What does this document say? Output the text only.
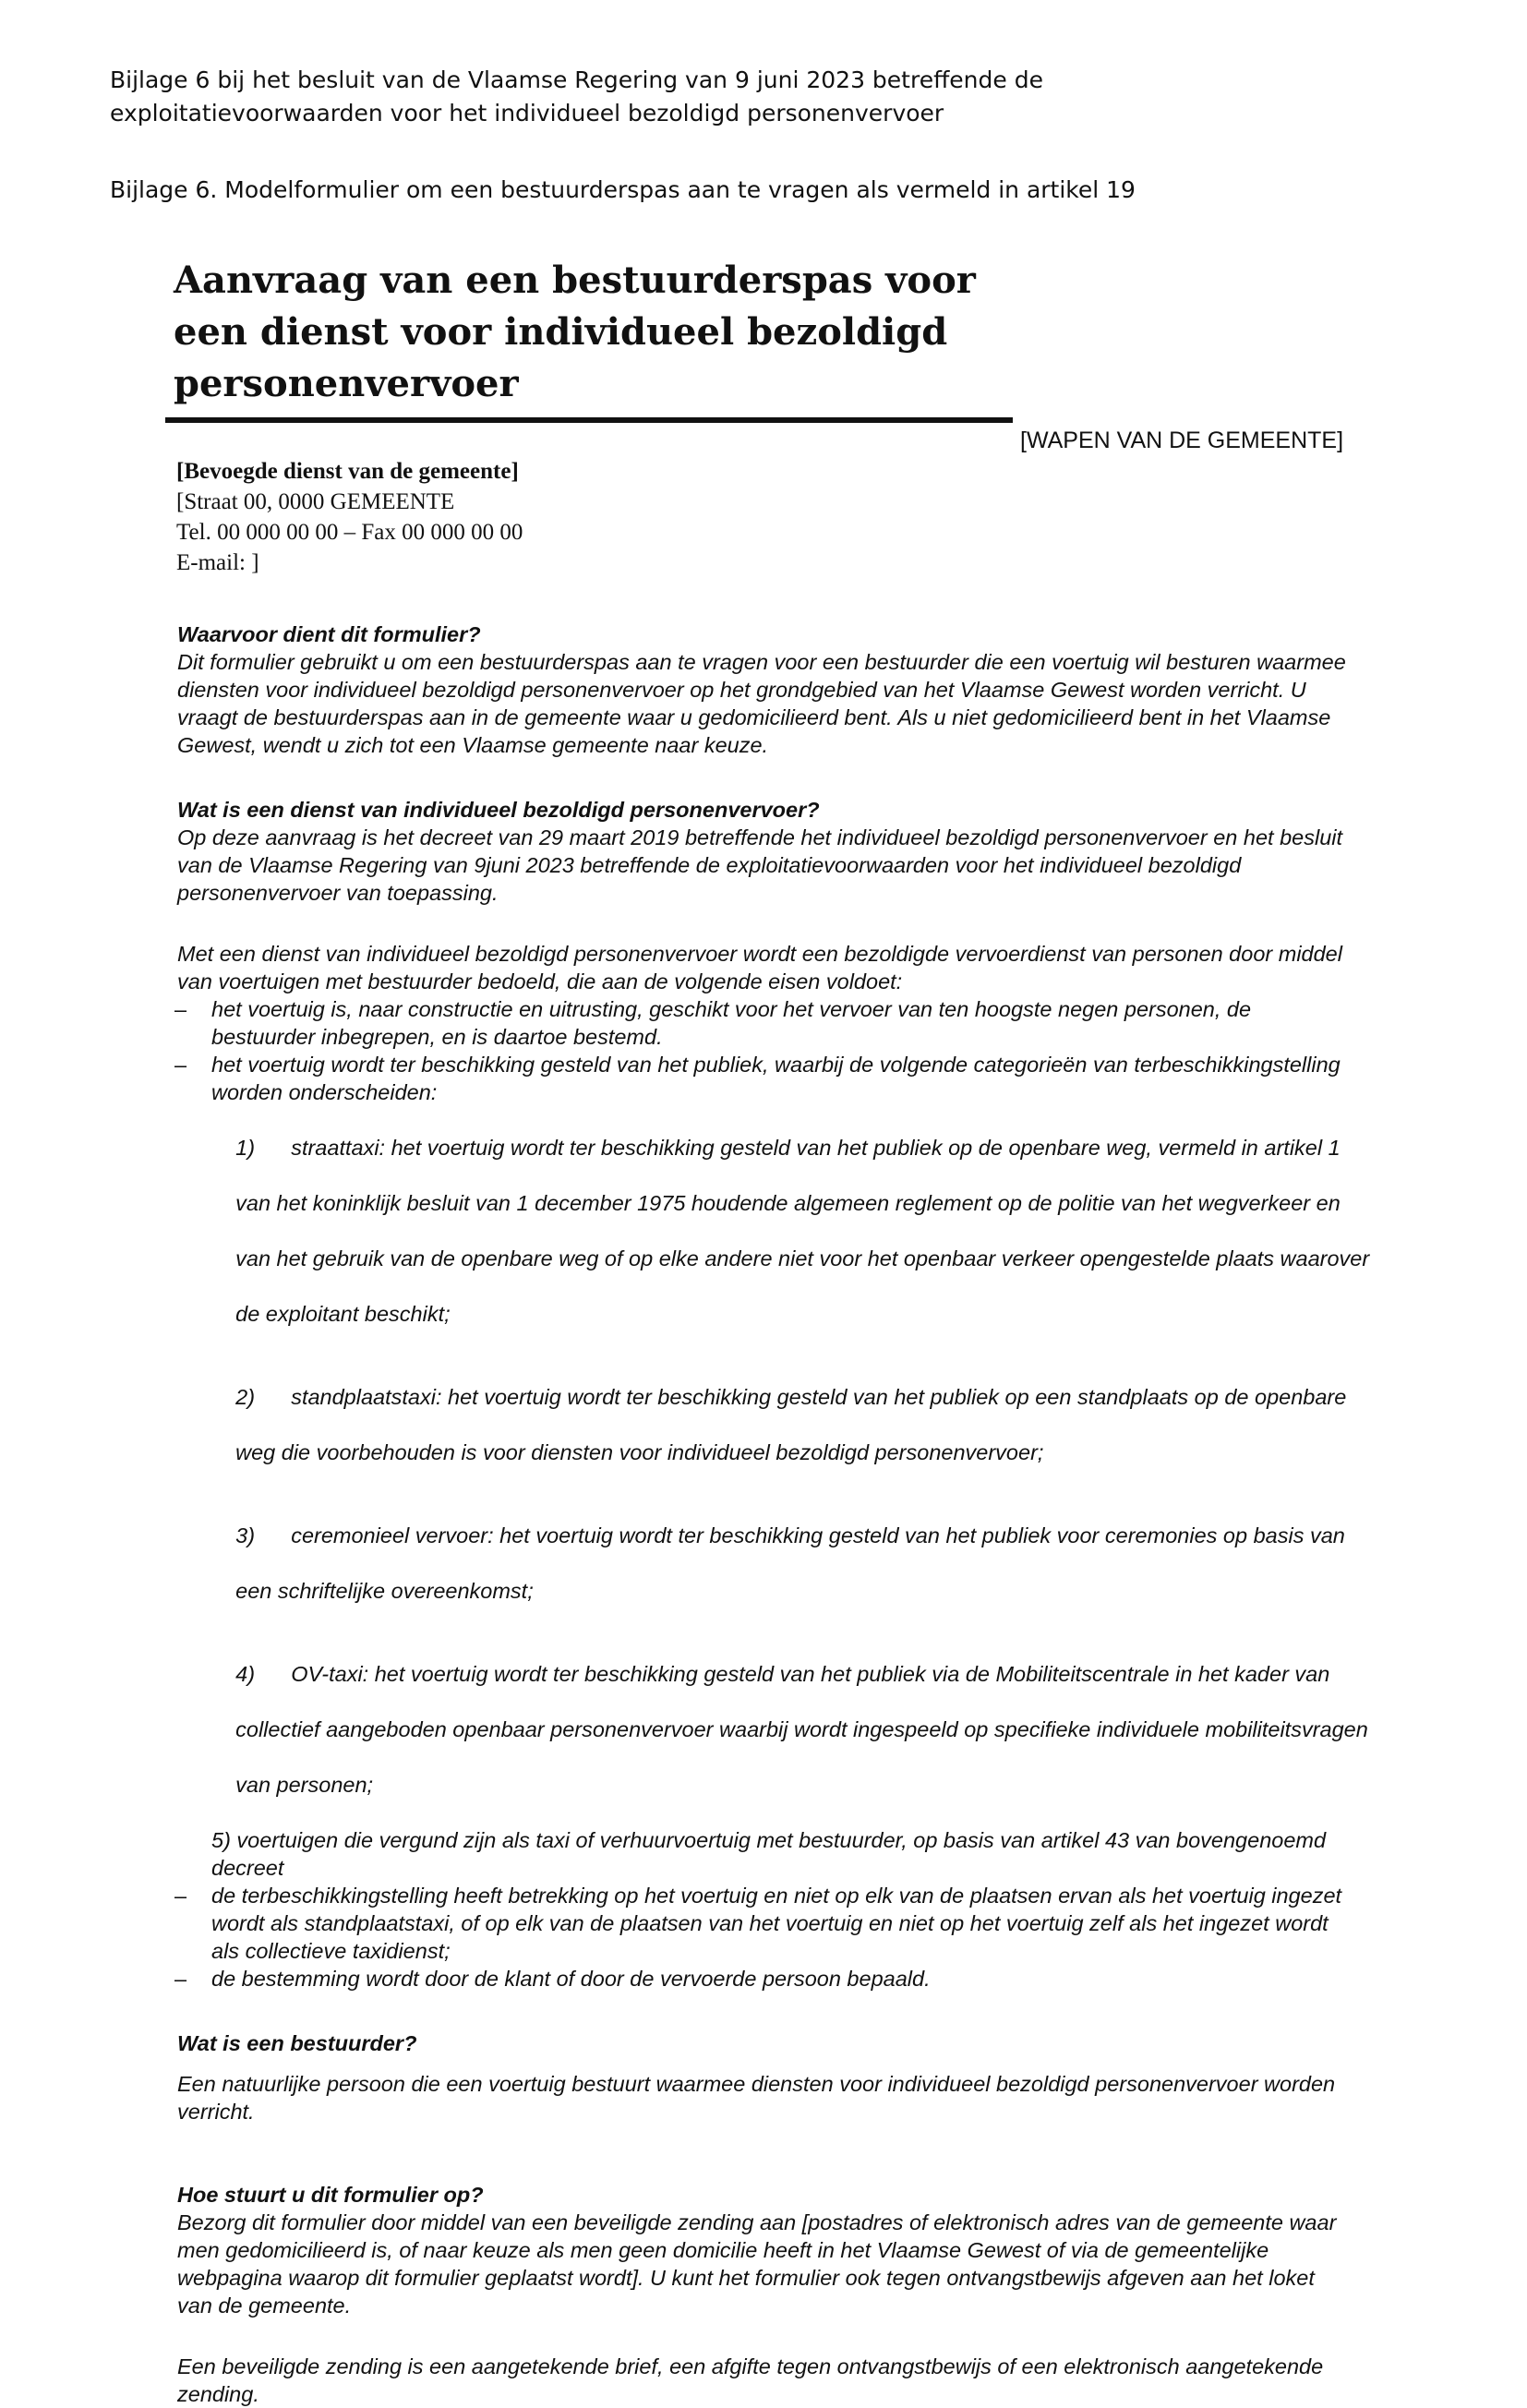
Bijlage 6 bij het besluit van de Vlaamse Regering van 9 juni 2023 betreffende de
exploitatievoorwaarden voor het individueel bezoldigd personenvervoer
Bijlage 6. Modelformulier om een bestuurderspas aan te vragen als vermeld in artikel 19
Aanvraag van een bestuurderspas voor
een dienst voor individueel bezoldigd
personenvervoer
[WAPEN VAN DE GEMEENTE]
[Bevoegde dienst van de gemeente]
[Straat 00, 0000 GEMEENTE
Tel. 00 000 00 00 – Fax 00 000 00 00
E-mail: ]
Waarvoor dient dit formulier?

Dit formulier gebruikt u om een bestuurderspas aan te vragen voor een bestuurder die een voertuig wil besturen waarmee
diensten voor individueel bezoldigd personenvervoer op het grondgebied van het Vlaamse Gewest worden verricht. U
vraagt de bestuurderspas aan in de gemeente waar u gedomicilieerd bent. Als u niet gedomicilieerd bent in het Vlaamse
Gewest, wendt u zich tot een Vlaamse gemeente naar keuze.

Wat is een dienst van individueel bezoldigd personenvervoer?

Op deze aanvraag is het decreet van 29 maart 2019 betreffende het individueel bezoldigd personenvervoer en het besluit
van de Vlaamse Regering van 9juni 2023 betreffende de exploitatievoorwaarden voor het individueel bezoldigd
personenvervoer van toepassing.

Met een dienst van individueel bezoldigd personenvervoer wordt een bezoldigde vervoerdienst van personen door middel
van voertuigen met bestuurder bedoeld, die aan de volgende eisen voldoet:

– het voertuig is, naar constructie en uitrusting, geschikt voor het vervoer van ten hoogste negen personen, de
bestuurder inbegrepen, en is daartoe bestemd.
– het voertuig wordt ter beschikking gesteld van het publiek, waarbij de volgende categorieën van terbeschikkingstelling
worden onderscheiden:

1)      straattaxi: het voertuig wordt ter beschikking gesteld van het publiek op de openbare weg, vermeld in artikel 1

van het koninklijk besluit van 1 december 1975 houdende algemeen reglement op de politie van het wegverkeer en

van het gebruik van de openbare weg of op elke andere niet voor het openbaar verkeer opengestelde plaats waarover

de exploitant beschikt;

2)      standplaatstaxi: het voertuig wordt ter beschikking gesteld van het publiek op een standplaats op de openbare

weg die voorbehouden is voor diensten voor individueel bezoldigd personenvervoer;

3)      ceremonieel vervoer: het voertuig wordt ter beschikking gesteld van het publiek voor ceremonies op basis van

een schriftelijke overeenkomst;

4)      OV-taxi: het voertuig wordt ter beschikking gesteld van het publiek via de Mobiliteitscentrale in het kader van

collectief aangeboden openbaar personenvervoer waarbij wordt ingespeeld op specifieke individuele mobiliteitsvragen

van personen;

5) voertuigen die vergund zijn als taxi of verhuurvoertuig met bestuurder, op basis van artikel 43 van bovengenoemd
decreet
– de terbeschikkingstelling heeft betrekking op het voertuig en niet op elk van de plaatsen ervan als het voertuig ingezet
wordt als standplaatstaxi, of op elk van de plaatsen van het voertuig en niet op het voertuig zelf als het ingezet wordt
als collectieve taxidienst;
– de bestemming wordt door de klant of door de vervoerde persoon bepaald.
Wat is een bestuurder?

Een natuurlijke persoon die een voertuig bestuurt waarmee diensten voor individueel bezoldigd personenvervoer worden
verricht.

Hoe stuurt u dit formulier op?

Bezorg dit formulier door middel van een beveiligde zending aan [postadres of elektronisch adres van de gemeente waar
men gedomicilieerd is, of naar keuze als men geen domicilie heeft in het Vlaamse Gewest of via de gemeentelijke
webpagina waarop dit formulier geplaatst wordt]. U kunt het formulier ook tegen ontvangstbewijs afgeven aan het loket
van de gemeente.

Een beveiligde zending is een aangetekende brief, een afgifte tegen ontvangstbewijs of een elektronisch aangetekende
zending.
